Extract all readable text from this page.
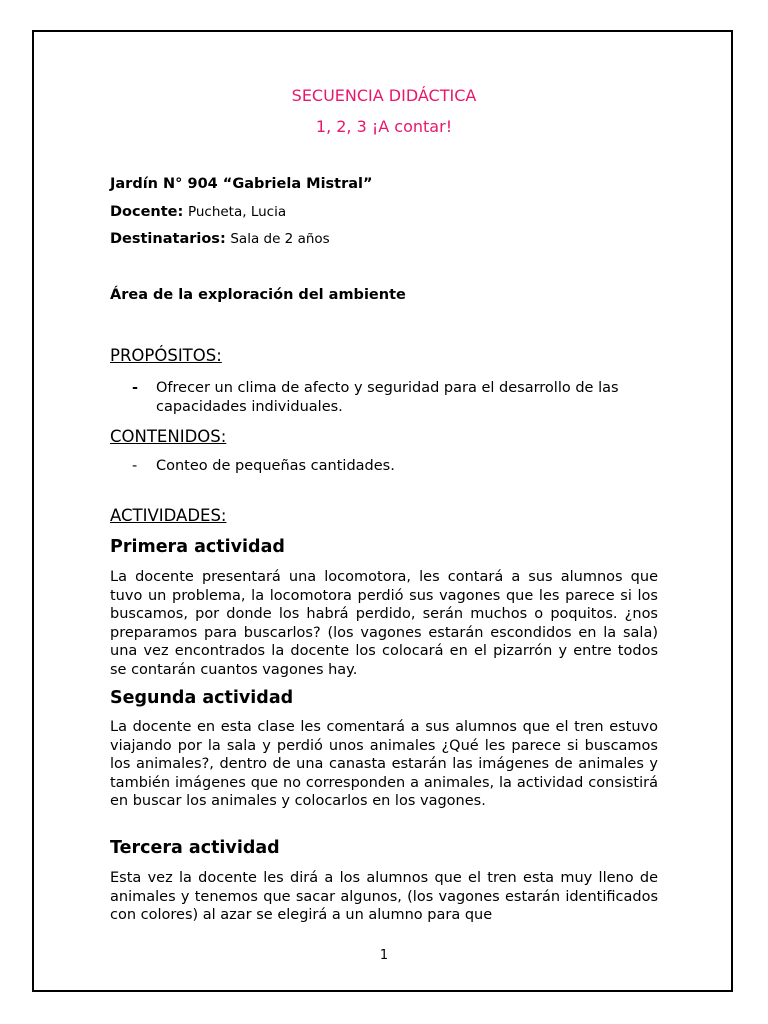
SECUENCIA DIDÁCTICA
1, 2, 3 ¡A contar!
Jardín N° 904 “Gabriela Mistral”
Docente: Pucheta, Lucia
Destinatarios: Sala de 2 años
Área de la exploración del ambiente
PROPÓSITOS:
- Ofrecer un clima de afecto y seguridad para el desarrollo de las capacidades individuales.
CONTENIDOS:
- Conteo de pequeñas cantidades.
ACTIVIDADES:
Primera actividad
La docente presentará una locomotora, les contará a sus alumnos que tuvo un problema, la locomotora perdió sus vagones que les parece si los buscamos, por donde los habrá perdido, serán muchos o poquitos. ¿nos preparamos para buscarlos? (los vagones estarán escondidos en la sala) una vez encontrados la docente los colocará en el pizarrón y entre todos se contarán cuantos vagones hay.
Segunda actividad
La docente en esta clase les comentará a sus alumnos que el tren estuvo viajando por la sala y perdió unos animales ¿Qué les parece si buscamos los animales?, dentro de una canasta estarán las imágenes de animales y también imágenes que no corresponden a animales, la actividad consistirá en buscar los animales y colocarlos en los vagones.
Tercera actividad
Esta vez la docente les dirá a los alumnos que el tren esta muy lleno de animales y tenemos que sacar algunos, (los vagones estarán identificados con colores) al azar se elegirá a un alumno para que
1
